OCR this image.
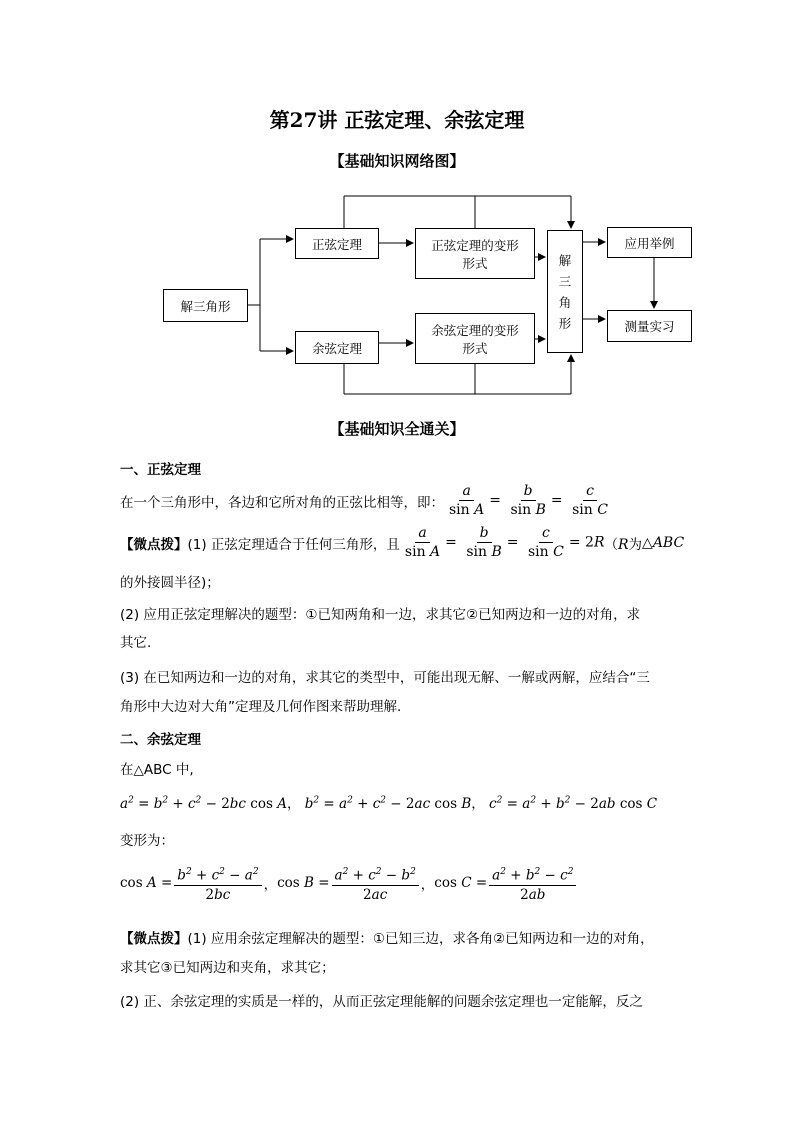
第27讲 正弦定理、余弦定理
【基础知识网络图】
解三角形
正弦定理
余弦定理
正弦定理的变形
形式
余弦定理的变形
形式
解
三
角
形
应用举例
测量实习
【基础知识全通关】
一、正弦定理
在一个三角形中，各边和它所对角的正弦比相等，即： $\frac{a}{\text{sin A}} = \frac{b}{\text{sin B}} = \frac{c}{\text{sin C}}$
【微点拨】 (1) 正弦定理适合于任何三角形，且 $\frac{a}{\text{sin A}} = \frac{b}{\text{sin B}} = \frac{c}{\text{sin C}} = 2R$ （R 为 △ABC
的外接圆半径)；
(2) 应用正弦定理解决的题型：①已知两角和一边，求其它②已知两边和一边的对角，求
其它.
(3) 在已知两边和一边的对角，求其它的类型中，可能出现无解、一解或两解，应结合“三
角形中大边对大角”定理及几何作图来帮助理解.
二、余弦定理
在△ABC 中,
$a^2 = b^2 + c^2 - 2bc$ cos A， $b^2 = a^2 + c^2 - 2ac$ cos B， $c^2 = a^2 + b^2 - 2ab$ cos C
变形为：
$\cos A = \frac{b^2 + c^2 - a^2}{2bc}$ ， $\cos B = \frac{a^2 + c^2 - b^2}{2ac}$ ， $\cos C = \frac{a^2 + b^2 - c^2}{2ab}$
【微点拨】(1) 应用余弦定理解决的题型：①已知三边，求各角②已知两边和一边的对角，
求其它③已知两边和夹角，求其它；
(2) 正、余弦定理的实质是一样的，从而正弦定理能解的问题余弦定理也一定能解，反之
